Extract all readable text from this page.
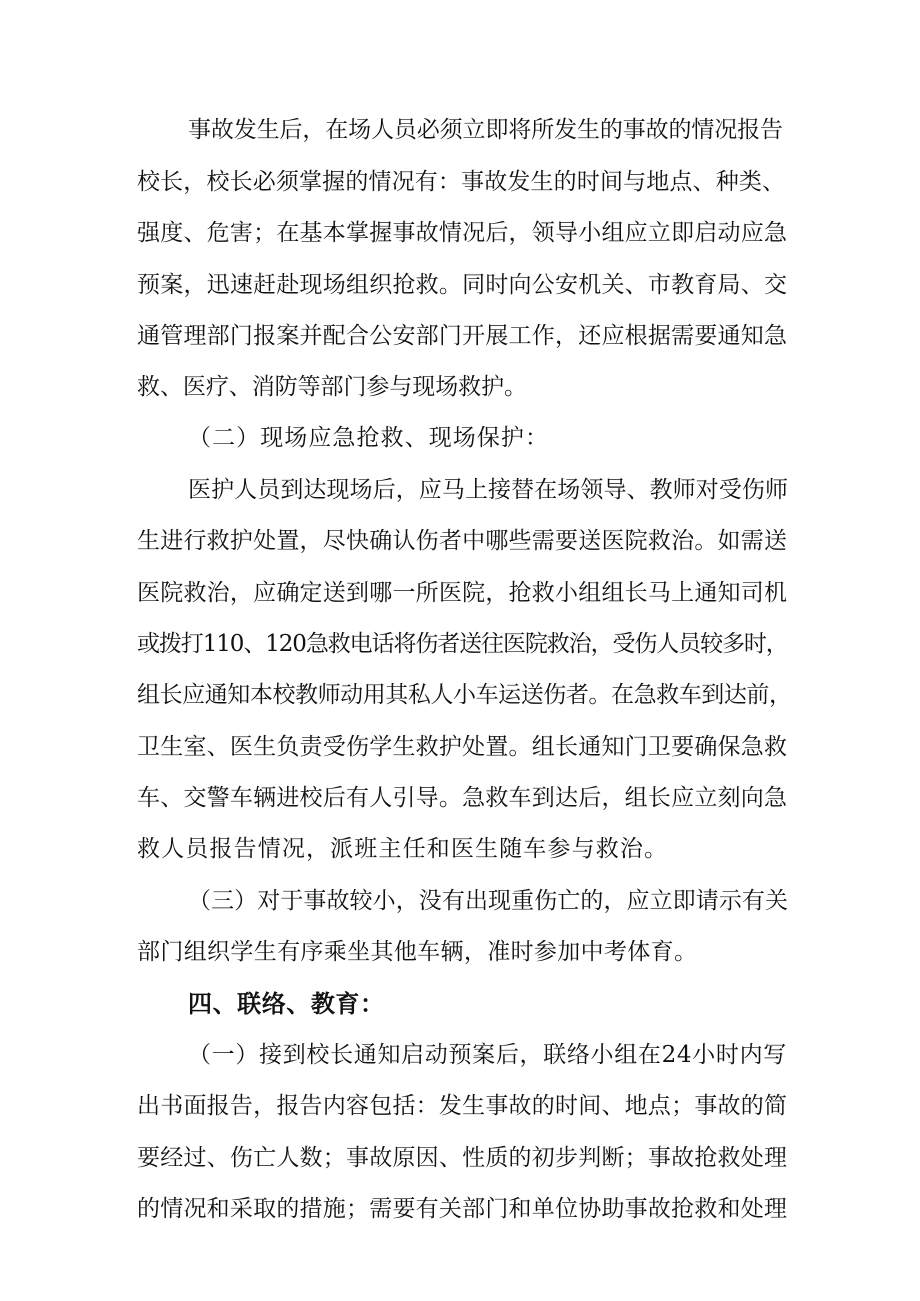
事故发生后，在场人员必须立即将所发生的事故的情况报告
校长，校长必须掌握的情况有：事故发生的时间与地点、种类、
强度、危害；在基本掌握事故情况后，领导小组应立即启动应急
预案，迅速赶赴现场组织抢救。同时向公安机关、市教育局、交
通管理部门报案并配合公安部门开展工作，还应根据需要通知急
救、医疗、消防等部门参与现场救护。
（二）现场应急抢救、现场保护：
医护人员到达现场后，应马上接替在场领导、教师对受伤师
生进行救护处置，尽快确认伤者中哪些需要送医院救治。如需送
医院救治，应确定送到哪一所医院，抢救小组组长马上通知司机
或拨打110、120急救电话将伤者送往医院救治，受伤人员较多时，
组长应通知本校教师动用其私人小车运送伤者。在急救车到达前，
卫生室、医生负责受伤学生救护处置。组长通知门卫要确保急救
车、交警车辆进校后有人引导。急救车到达后，组长应立刻向急
救人员报告情况，派班主任和医生随车参与救治。
（三）对于事故较小，没有出现重伤亡的，应立即请示有关
部门组织学生有序乘坐其他车辆，准时参加中考体育。
四、联络、教育：
（一）接到校长通知启动预案后，联络小组在24小时内写
出书面报告，报告内容包括：发生事故的时间、地点；事故的简
要经过、伤亡人数；事故原因、性质的初步判断；事故抢救处理
的情况和采取的措施；需要有关部门和单位协助事故抢救和处理
